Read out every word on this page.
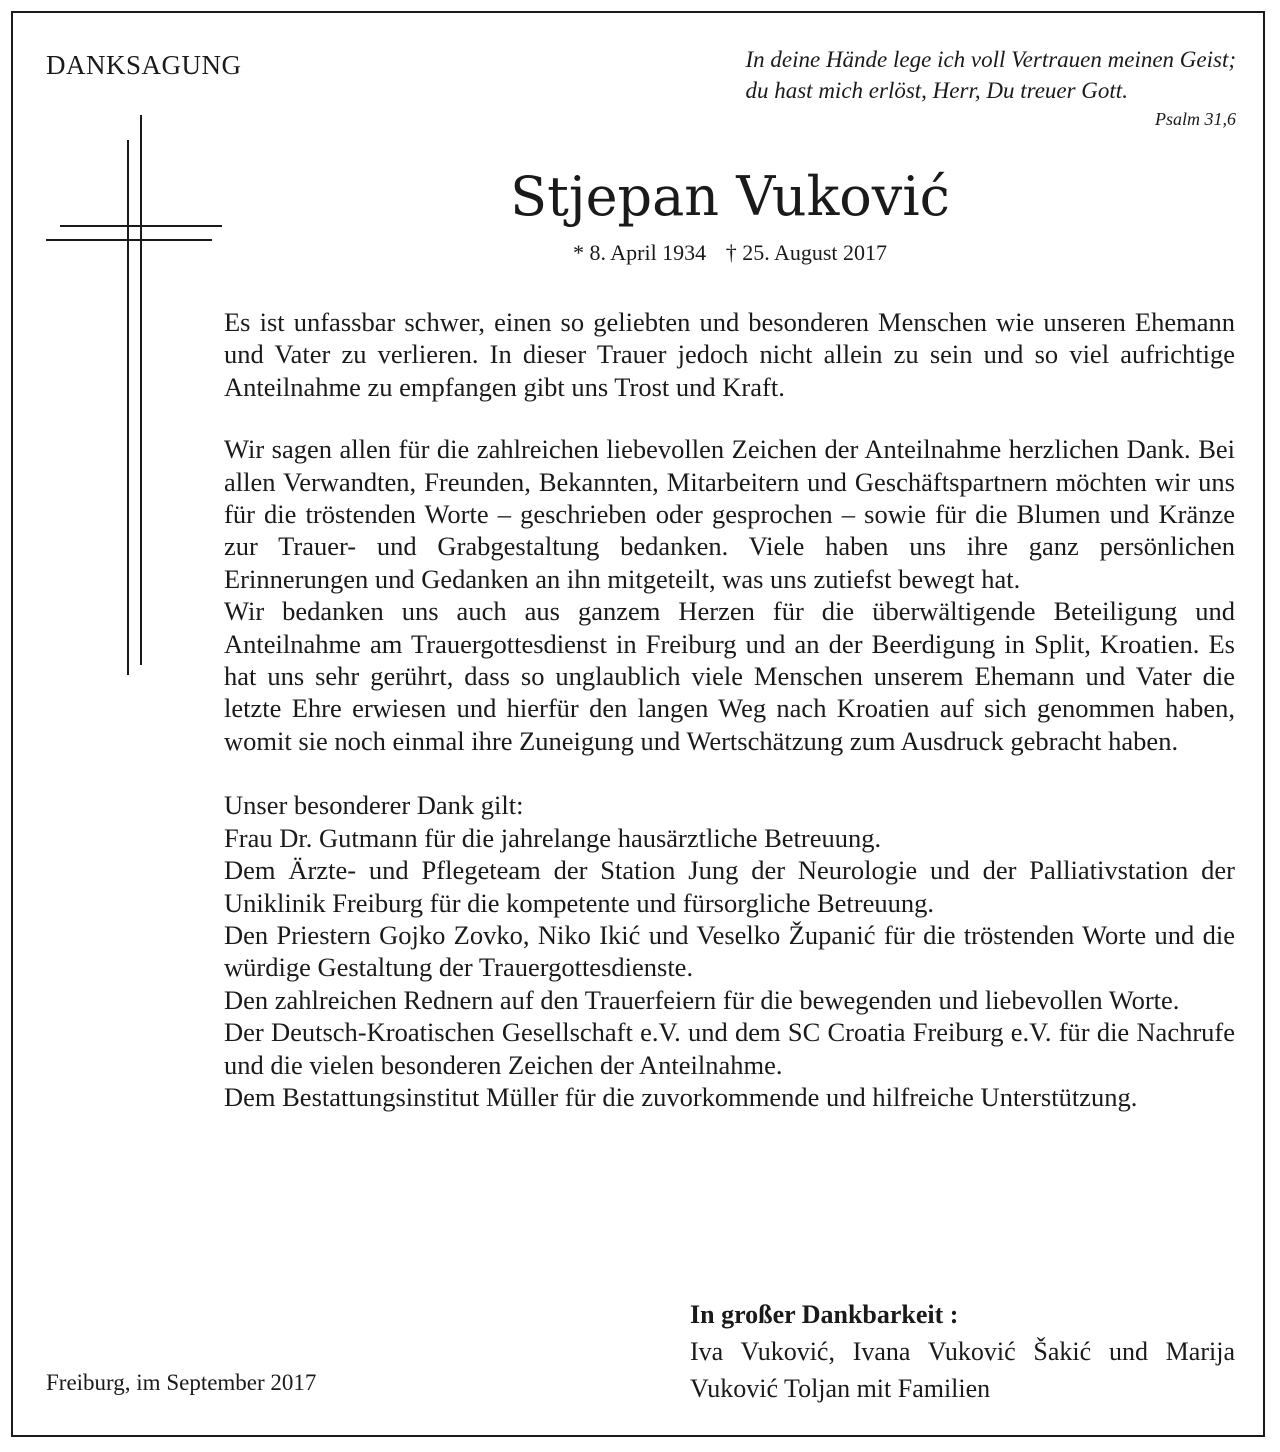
DANKSAGUNG	In deine Hände lege ich voll Vertrauen meinen Geist;
du hast mich erlöst, Herr, Du treuer Gott.
Psalm 31,6
Stjepan Vuković
* 8. April 1934 † 25. August 2017

Es ist unfassbar schwer, einen so geliebten und besonderen Menschen wie unseren Ehemann und Vater zu verlieren. In dieser Trauer jedoch nicht allein zu sein und so viel aufrichtige Anteilnahme zu empfangen gibt uns Trost und Kraft.

Wir sagen allen für die zahlreichen liebevollen Zeichen der Anteilnahme herzlichen Dank. Bei allen Verwandten, Freunden, Bekannten, Mitarbeitern und Geschäftspartnern möchten wir uns für die tröstenden Worte – geschrieben oder gesprochen – sowie für die Blumen und Kränze zur Trauer- und Grabgestaltung bedanken. Viele haben uns ihre ganz persönlichen Erinnerungen und Gedanken an ihn mitgeteilt, was uns zutiefst bewegt hat.

Wir bedanken uns auch aus ganzem Herzen für die überwältigende Beteiligung und Anteilnahme am Trauergottesdienst in Freiburg und an der Beerdigung in Split, Kroatien. Es hat uns sehr gerührt, dass so unglaublich viele Menschen unserem Ehemann und Vater die letzte Ehre erwiesen und hierfür den langen Weg nach Kroatien auf sich genommen haben, womit sie noch einmal ihre Zuneigung und Wertschätzung zum Ausdruck gebracht haben.

Unser besonderer Dank gilt:

Frau Dr. Gutmann für die jahrelange hausärztliche Betreuung.

Dem Ärzte- und Pflegeteam der Station Jung der Neurologie und der Palliativstation der Uniklinik Freiburg für die kompetente und fürsorgliche Betreuung.

Den Priestern Gojko Zovko, Niko Ikić und Veselko Županić für die tröstenden Worte und die würdige Gestaltung der Trauergottesdienste.

Den zahlreichen Rednern auf den Trauerfeiern für die bewegenden und liebevollen Worte.

Der Deutsch-Kroatischen Gesellschaft e.V. und dem SC Croatia Freiburg e.V. für die Nachrufe und die vielen besonderen Zeichen der Anteilnahme.

Dem Bestattungsinstitut Müller für die zuvorkommende und hilfreiche Unterstützung.

Freiburg, im September 2017
In großer Dankbarkeit :

Iva Vuković, Ivana Vuković Šakić und Marija Vuković Toljan mit Familien
